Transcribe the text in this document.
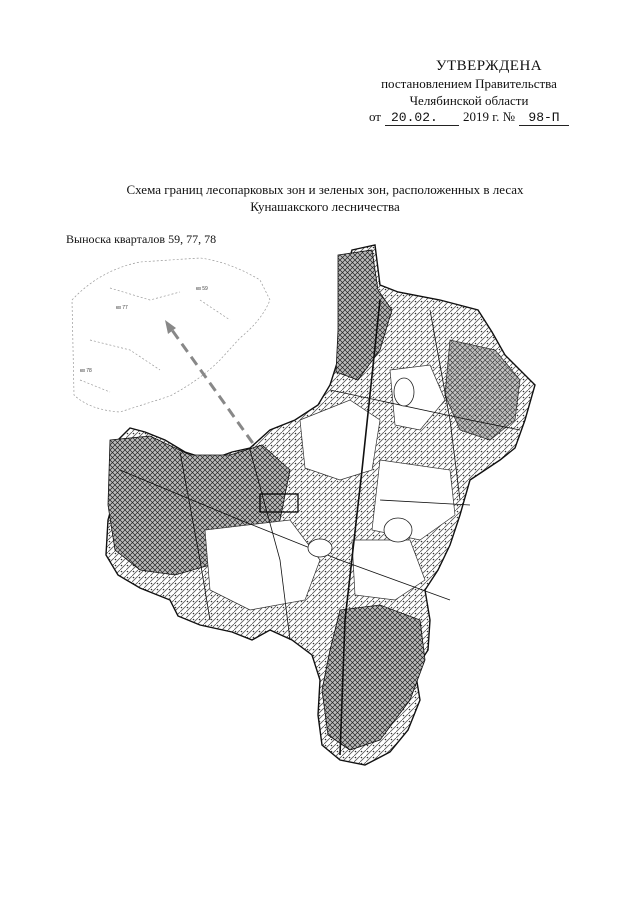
УТВЕРЖДЕНА
постановлением Правительства
Челябинской области
от 20.02.	2019 г. №	98-П
Схема границ лесопарковых зон и зеленых зон, расположенных в лесах
Кунашакского лесничества
Выноска кварталов 59, 77, 78
кв 77
кв 59
кв 78
